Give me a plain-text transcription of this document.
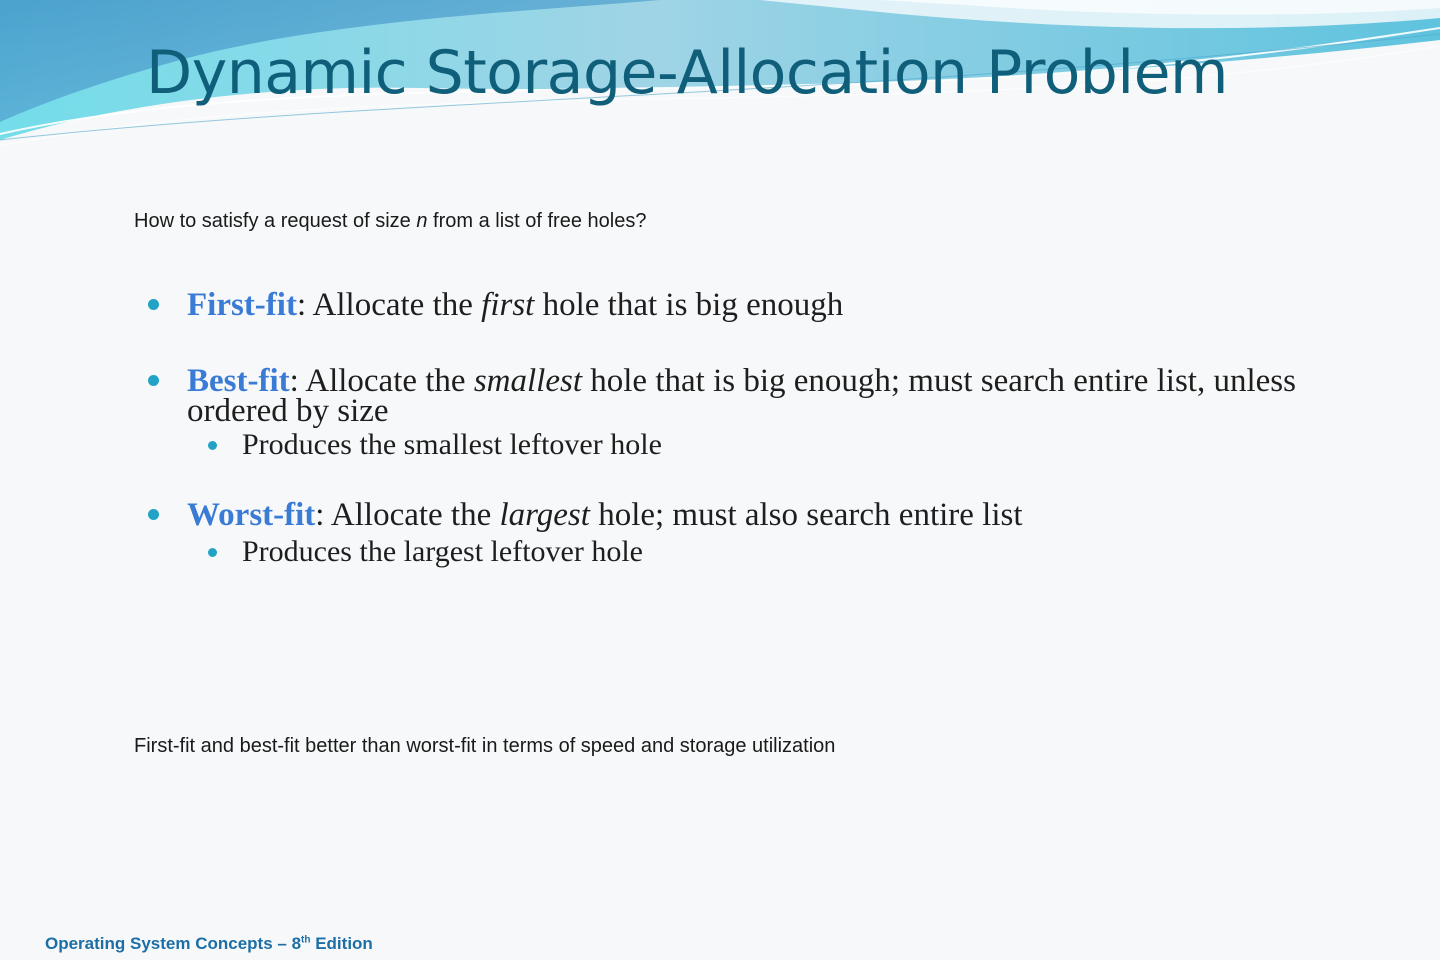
Dynamic Storage-Allocation Problem

How to satisfy a request of size n from a list of free holes?

First-fit: Allocate the first hole that is big enough

Best-fit: Allocate the smallest hole that is big enough; must search entire list, unless ordered by size

Produces the smallest leftover hole

Worst-fit: Allocate the largest hole; must also search entire list

Produces the largest leftover hole

First-fit and best-fit better than worst-fit in terms of speed and storage utilization

Operating System Concepts – 8th Edition
